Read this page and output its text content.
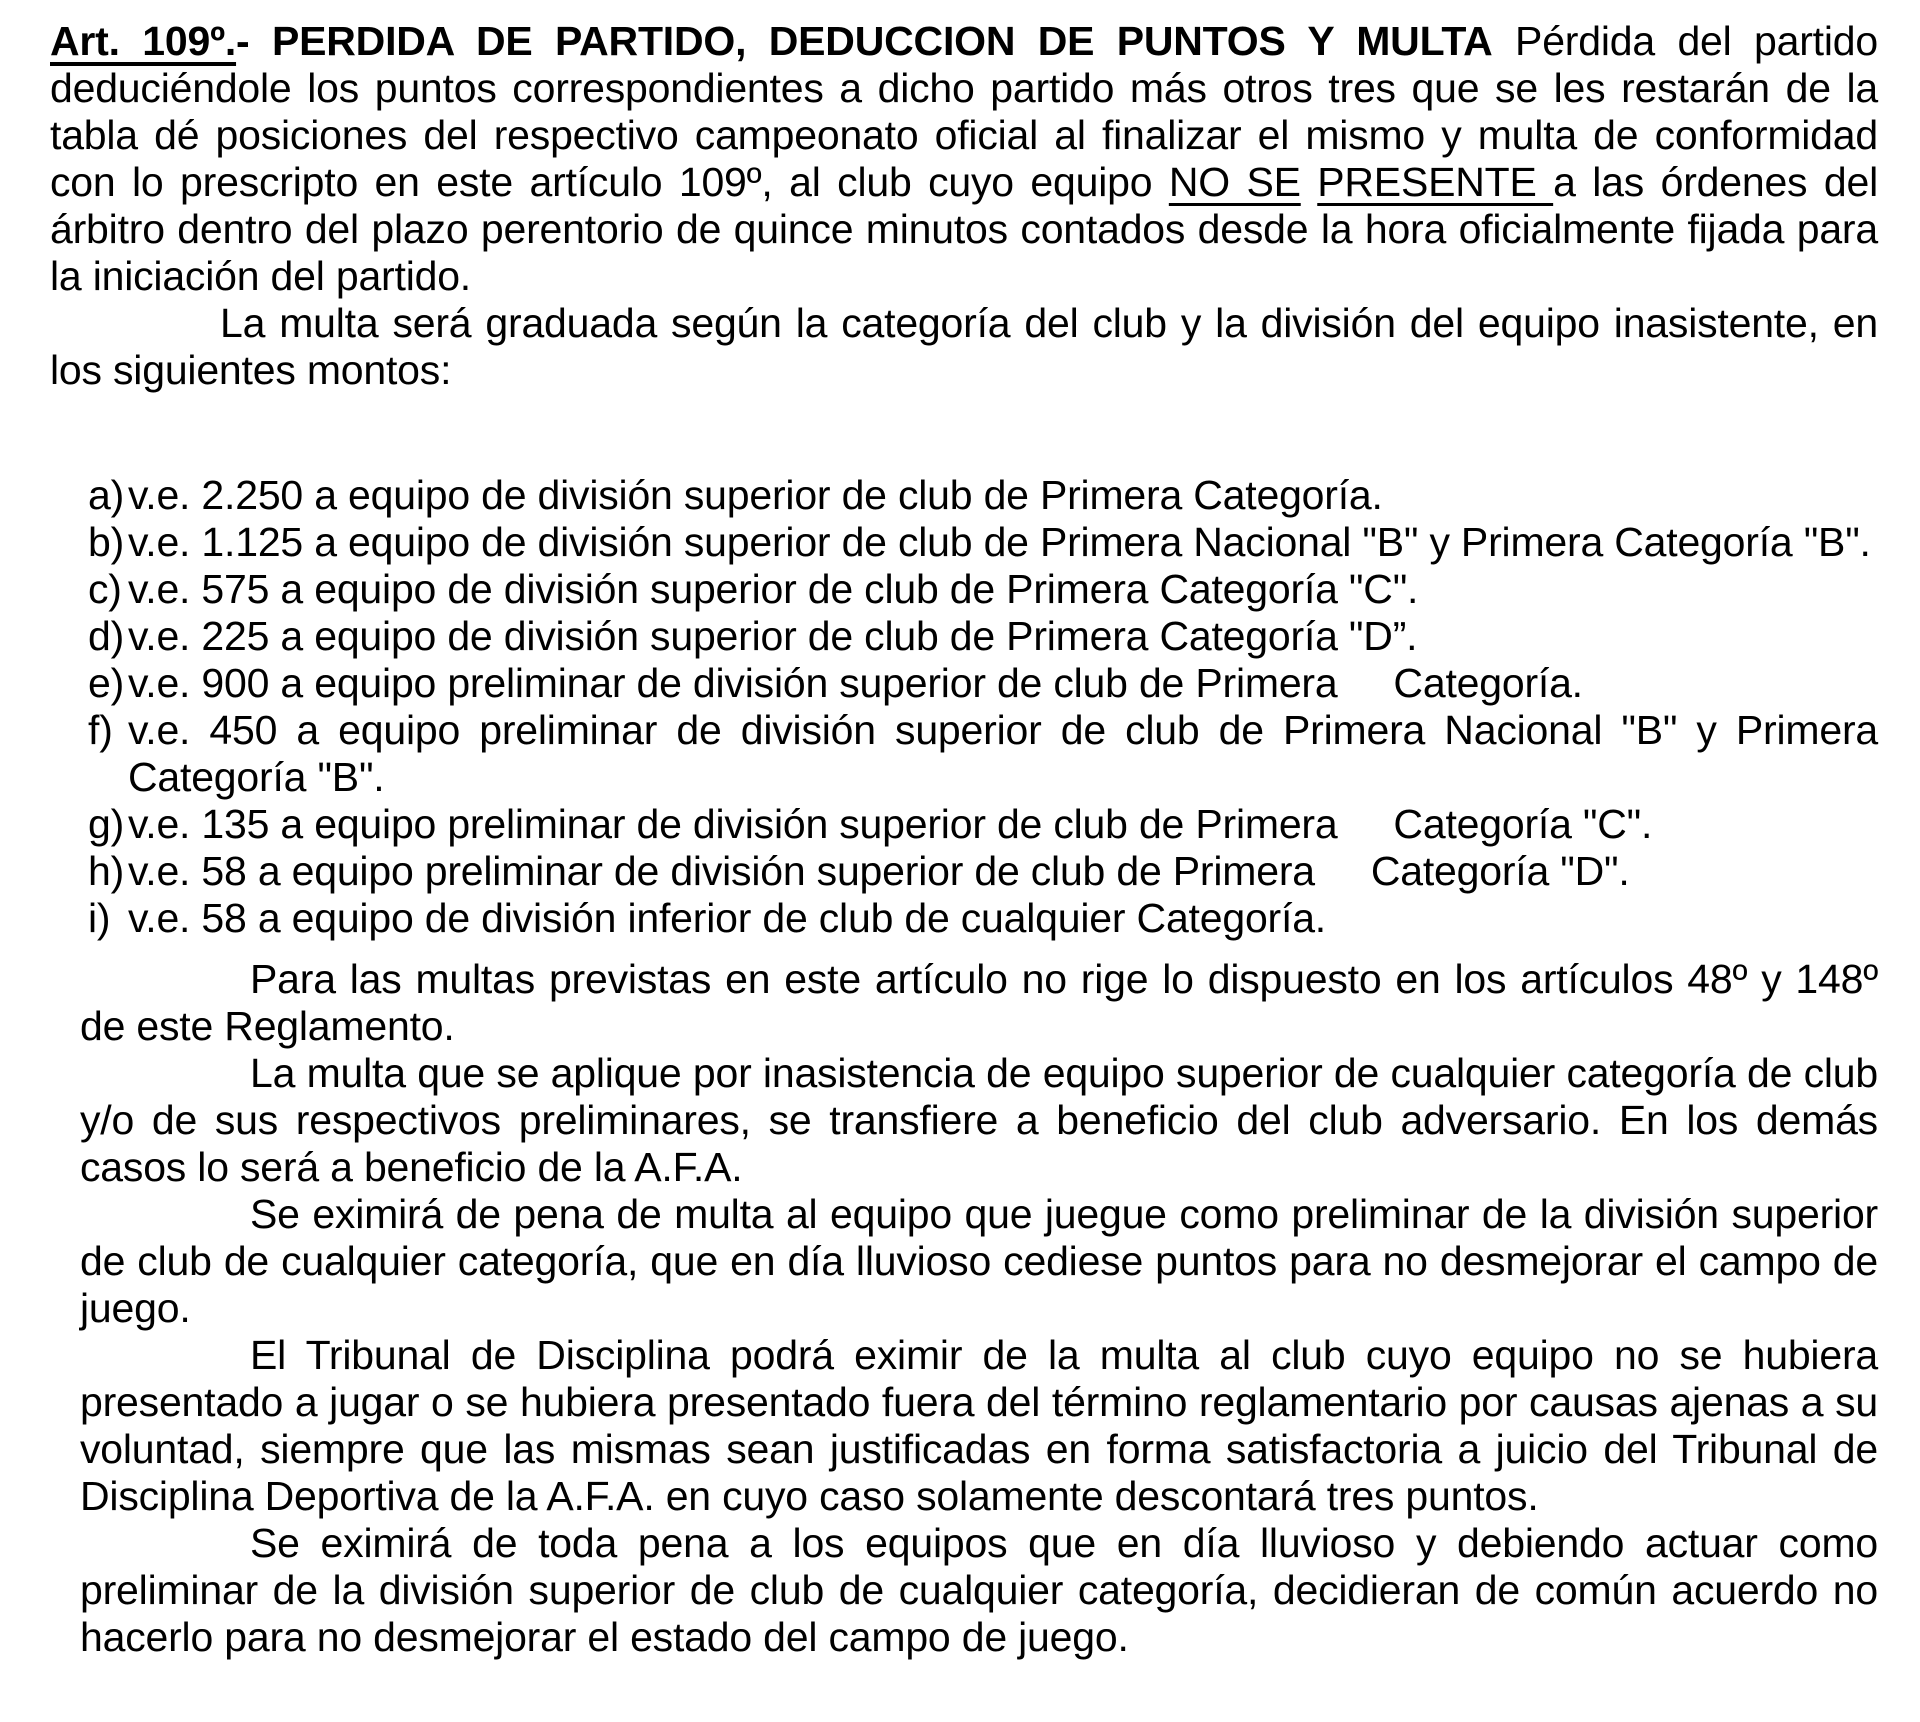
Art. 109º.- PERDIDA DE PARTIDO, DEDUCCION DE PUNTOS Y MULTA Pérdida del partido deduciéndole los puntos correspondientes a dicho partido más otros tres que se les restarán de la tabla dé posiciones del respectivo campeonato oficial al finalizar el mismo y multa de conformidad con lo prescripto en este artículo 109º, al club cuyo equipo NO SE PRESENTE a las órdenes del árbitro dentro del plazo perentorio de quince minutos contados desde la hora oficialmente fijada para la iniciación del partido.

La multa será graduada según la categoría del club y la división del equipo inasistente, en los siguientes montos:

a) v.e. 2.250 a equipo de división superior de club de Primera Categoría.
b) v.e. 1.125 a equipo de división superior de club de Primera Nacional "B" y Primera Categoría "B".
c) v.e. 575 a equipo de división superior de club de Primera Categoría "C".
d) v.e. 225 a equipo de división superior de club de Primera Categoría "D”.
e) v.e. 900 a equipo preliminar de división superior de club de Primera     Categoría.
f) v.e. 450 a equipo preliminar de división superior de club de Primera Nacional "B" y Primera Categoría "B".
g) v.e. 135 a equipo preliminar de división superior de club de Primera     Categoría "C".
h) v.e. 58 a equipo preliminar de división superior de club de Primera     Categoría "D".
i) v.e. 58 a equipo de división inferior de club de cualquier Categoría.

Para las multas previstas en este artículo no rige lo dispuesto en los artículos 48º y 148º de este Reglamento.

La multa que se aplique por inasistencia de equipo superior de cualquier categoría de club y/o de sus respectivos preliminares, se transfiere a beneficio del club adversario. En los demás casos lo será a beneficio de la A.F.A.

Se eximirá de pena de multa al equipo que juegue como preliminar de la división superior de club de cualquier categoría, que en día lluvioso cediese puntos para no desmejorar el campo de juego.

El Tribunal de Disciplina podrá eximir de la multa al club cuyo equipo no se hubiera presentado a jugar o se hubiera presentado fuera del término reglamentario por causas ajenas a su voluntad, siempre que las mismas sean justificadas en forma satisfactoria a juicio del Tribunal de Disciplina Deportiva de la A.F.A. en cuyo caso solamente descontará tres puntos.

Se eximirá de toda pena a los equipos que en día lluvioso y debiendo actuar como preliminar de la división superior de club de cualquier categoría, decidieran de común acuerdo no hacerlo para no desmejorar el estado del campo de juego.
